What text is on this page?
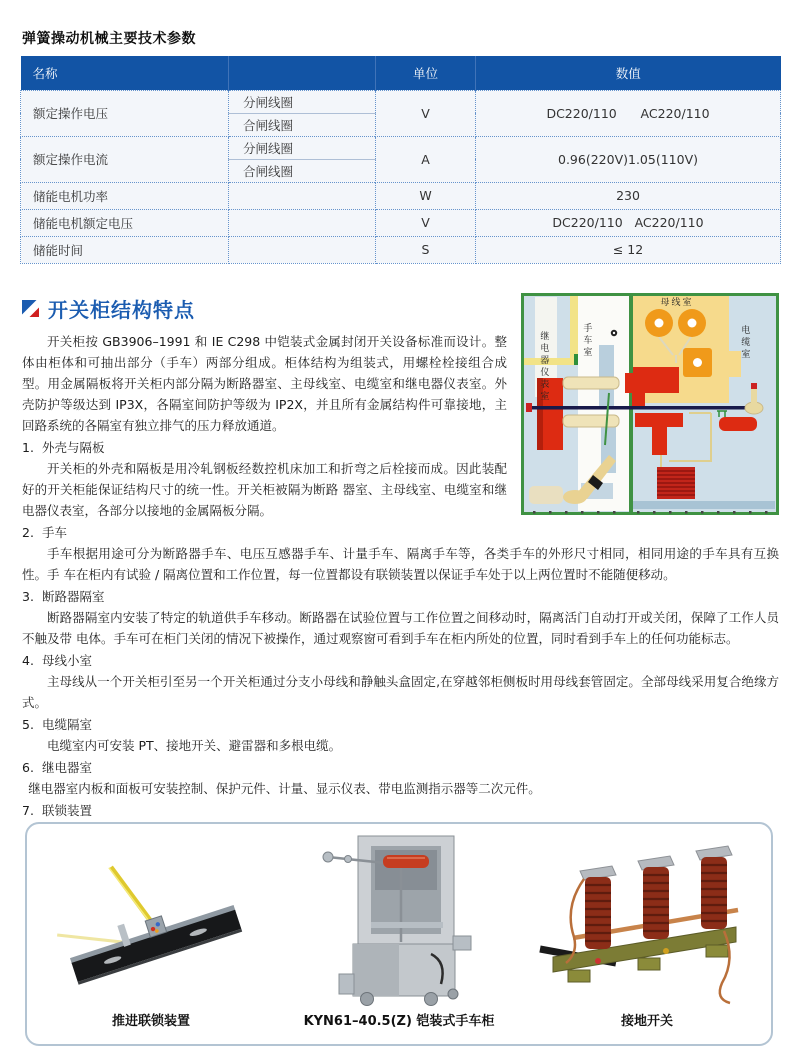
弹簧操动机械主要技术参数
名称		单位	数值
额定操作电压	分闸线圈	V	DC220/110      AC220/110
	合闸线圈		
额定操作电流	分闸线圈	A	0.96(220V)1.05(110V)
	合闸线圈		
储能电机功率		W	230
储能电机额定电压		V	DC220/110   AC220/110
储能时间		S	≤ 12
开关柜结构特点
继电器仪表室	手车室
母线室
电缆室

开关柜按 GB3906–1991 和 IE C298 中铠装式金属封闭开关设备标准而设计。整体由柜体和可抽出部分（手车）两部分组成。柜体结构为组装式，用螺栓栓接组合成型。用金属隔板将开关柜内部分隔为断路器室、主母线室、电缆室和继电器仪表室。外壳防护等级达到 IP3X，各隔室间防护等级为 IP2X，并且所有金属结构件可靠接地，主回路系统的各隔室有独立排气的压力释放通道。

1. 外壳与隔板

开关柜的外壳和隔板是用冷轧钢板经数控机床加工和折弯之后栓接而成。因此装配好的开关柜能保证结构尺寸的统一性。开关柜被隔为断路 器室、主母线室、电缆室和继电器仪表室，各部分以接地的金属隔板分隔。

2. 手车

手车根据用途可分为断路器手车、电压互感器手车、计量手车、隔离手车等，各类手车的外形尺寸相同，相同用途的手车具有互换性。手 车在柜内有试验 / 隔离位置和工作位置，每一位置都设有联锁装置以保证手车处于以上两位置时不能随便移动。

3. 断路器隔室

断路器隔室内安装了特定的轨道供手车移动。断路器在试验位置与工作位置之间移动时，隔离活门自动打开或关闭，保障了工作人员不触及带 电体。手车可在柜门关闭的情况下被操作，通过观察窗可看到手车在柜内所处的位置，同时看到手车上的任何功能标志。

4. 母线小室

主母线从一个开关柜引至另一个开关柜通过分支小母线和静触头盒固定,在穿越邻柜侧板时用母线套管固定。全部母线采用复合绝缘方式。

5. 电缆隔室

电缆室内可安装 PT、接地开关、避雷器和多根电缆。

6. 继电器室

继电器室内板和面板可安装控制、保护元件、计量、显示仪表、带电监测指示器等二次元件。

7. 联锁装置

推进联锁装置	KYN61–40.5(Z) 铠装式手车柜	接地开关
